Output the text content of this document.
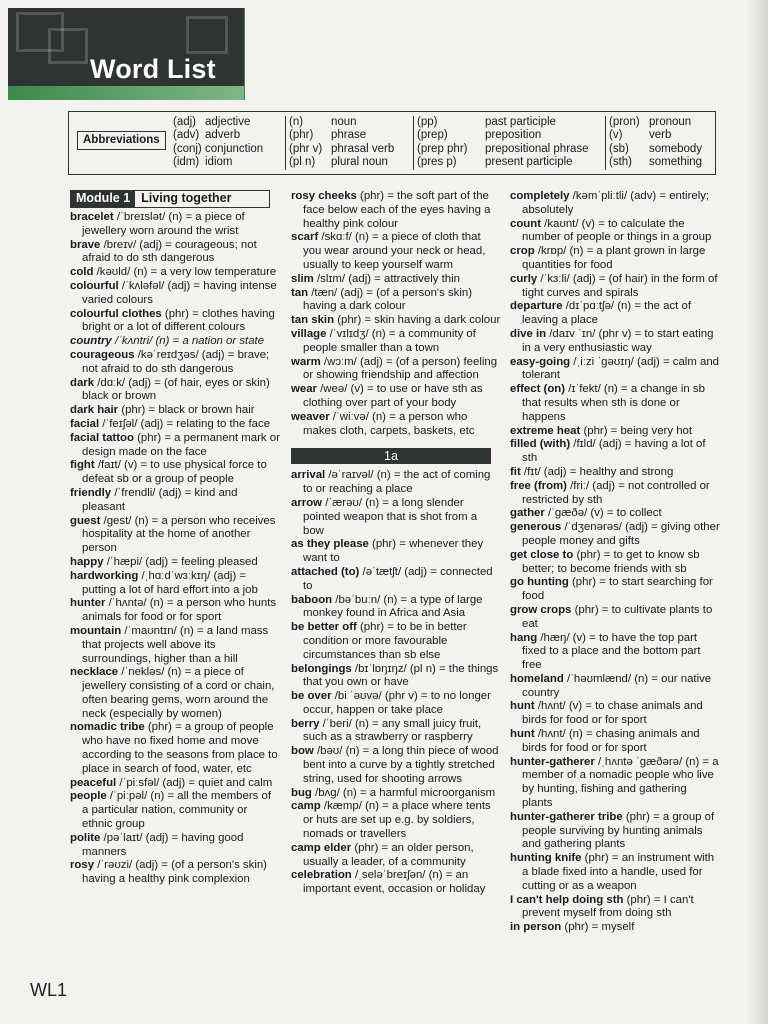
Word List
Abbreviations
(adj) adjective
(adv) adverb
(conj) conjunction
(idm) idiom
(n)	noun
(phr)	phrase
(phr v) phrasal verb
(pl n)	plural noun
(pp)	past participle
(prep)	preposition
(prep phr)	prepositional phrase
(pres p)	present participle
(pron) pronoun
(v)	verb
(sb)	somebody
(sth)	something
Module 1 Living together

bracelet /ˈbreɪslət/ (n) = a piece of jewellery worn around the wrist

brave /breɪv/ (adj) = courageous; not afraid to do sth dangerous

cold /kəʊld/ (n) = a very low temperature

colourful /ˈkʌləfəl/ (adj) = having intense varied colours

colourful clothes (phr) = clothes having bright or a lot of different colours

country /ˈkʌntri/ (n) = a nation or state

courageous /kəˈreɪdʒəs/ (adj) = brave; not afraid to do sth dangerous

dark /dɑːk/ (adj) = (of hair, eyes or skin) black or brown

dark hair (phr) = black or brown hair

facial /ˈfeɪʃəl/ (adj) = relating to the face

facial tattoo (phr) = a permanent mark or design made on the face

fight /faɪt/ (v) = to use physical force to defeat sb or a group of people

friendly /ˈfrendli/ (adj) = kind and pleasant

guest /gest/ (n) = a person who receives hospitality at the home of another person

happy /ˈhæpi/ (adj) = feeling pleased

hardworking /ˌhɑːdˈwɜːkɪŋ/ (adj) = putting a lot of hard effort into a job

hunter /ˈhʌntə/ (n) = a person who hunts animals for food or for sport

mountain /ˈmaʊntɪn/ (n) = a land mass that projects well above its surroundings, higher than a hill

necklace /ˈnekləs/ (n) = a piece of jewellery consisting of a cord or chain, often bearing gems, worn around the neck (especially by women)

nomadic tribe (phr) = a group of people who have no fixed home and move according to the seasons from place to place in search of food, water, etc

peaceful /ˈpiːsfəl/ (adj) = quiet and calm

people /ˈpiːpəl/ (n) = all the members of a particular nation, community or ethnic group

polite /pəˈlaɪt/ (adj) = having good manners

rosy /ˈrəʊzi/ (adj) = (of a person's skin) having a healthy pink complexion

rosy cheeks (phr) = the soft part of the face below each of the eyes having a healthy pink colour

scarf /skɑːf/ (n) = a piece of cloth that you wear around your neck or head, usually to keep yourself warm

slim /slɪm/ (adj) = attractively thin

tan /tæn/ (adj) = (of a person's skin) having a dark colour

tan skin (phr) = skin having a dark colour

village /ˈvɪlɪdʒ/ (n) = a community of people smaller than a town

warm /wɔːm/ (adj) = (of a person) feeling or showing friendship and affection

wear /weə/ (v) = to use or have sth as clothing over part of your body

weaver /ˈwiːvə/ (n) = a person who makes cloth, carpets, baskets, etc

1a

arrival /əˈraɪvəl/ (n) = the act of coming to or reaching a place

arrow /ˈærəʊ/ (n) = a long slender pointed weapon that is shot from a bow

as they please (phr) = whenever they want to

attached (to) /əˈtætʃt/ (adj) = connected to

baboon /bəˈbuːn/ (n) = a type of large monkey found in Africa and Asia

be better off (phr) = to be in better condition or more favourable circumstances than sb else

belongings /bɪˈlɒŋɪŋz/ (pl n) = the things that you own or have

be over /bi ˈəʊvə/ (phr v) = to no longer occur, happen or take place

berry /ˈberi/ (n) = any small juicy fruit, such as a strawberry or raspberry

bow /bəʊ/ (n) = a long thin piece of wood bent into a curve by a tightly stretched string, used for shooting arrows

bug /bʌg/ (n) = a harmful microorganism

camp /kæmp/ (n) = a place where tents or huts are set up e.g. by soldiers, nomads or travellers

camp elder (phr) = an older person, usually a leader, of a community

celebration /ˌseləˈbreɪʃən/ (n) = an important event, occasion or holiday

completely /kəmˈpliːtli/ (adv) = entirely; absolutely

count /kaʊnt/ (v) = to calculate the number of people or things in a group

crop /krɒp/ (n) = a plant grown in large quantities for food

curly /ˈkɜːli/ (adj) = (of hair) in the form of tight curves and spirals

departure /dɪˈpɑːtʃə/ (n) = the act of leaving a place

dive in /daɪv ˈɪn/ (phr v) = to start eating in a very enthusiastic way

easy-going /ˌiːzi ˈgəʊɪŋ/ (adj) = calm and tolerant

effect (on) /ɪˈfekt/ (n) = a change in sb that results when sth is done or happens

extreme heat (phr) = being very hot

filled (with) /fɪld/ (adj) = having a lot of sth

fit /fɪt/ (adj) = healthy and strong

free (from) /friː/ (adj) = not controlled or restricted by sth

gather /ˈgæðə/ (v) = to collect

generous /ˈdʒenərəs/ (adj) = giving other people money and gifts

get close to (phr) = to get to know sb better; to become friends with sb

go hunting (phr) = to start searching for food

grow crops (phr) = to cultivate plants to eat

hang /hæŋ/ (v) = to have the top part fixed to a place and the bottom part free

homeland /ˈhəʊmlænd/ (n) = our native country

hunt /hʌnt/ (v) = to chase animals and birds for food or for sport

hunt /hʌnt/ (n) = chasing animals and birds for food or for sport

hunter-gatherer /ˌhʌntə ˈgæðərə/ (n) = a member of a nomadic people who live by hunting, fishing and gathering plants

hunter-gatherer tribe (phr) = a group of people surviving by hunting animals and gathering plants

hunting knife (phr) = an instrument with a blade fixed into a handle, used for cutting or as a weapon

I can't help doing sth (phr) = I can't prevent myself from doing sth

in person (phr) = myself

WL1
